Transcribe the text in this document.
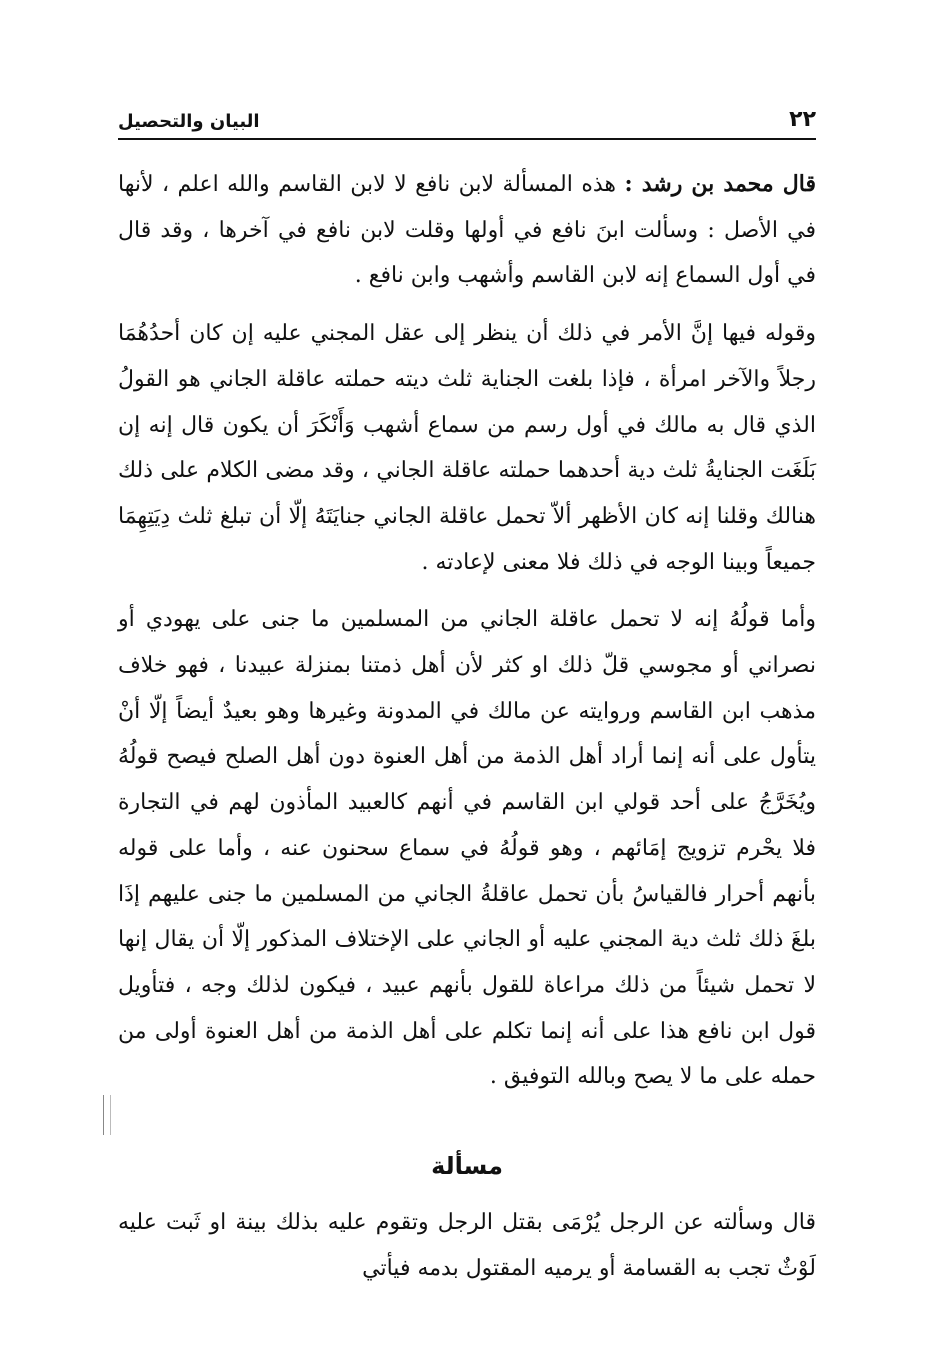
٢٢
البيان والتحصيل

قال محمد بن رشد : هذه المسألة لابن نافع لا لابن القاسم والله اعلم ، لأنها في الأصل : وسألت ابنَ نافع في أولها وقلت لابن نافع في آخرها ، وقد قال في أول السماع إنه لابن القاسم وأشهب وابن نافع .

وقوله فيها إنَّ الأمر في ذلك أن ينظر إلى عقل المجني عليه إن كان أحدُهُمَا رجلاً والآخر امرأة ، فإذا بلغت الجناية ثلث ديته حملته عاقلة الجاني هو القولُ الذي قال به مالك في أول رسم من سماع أشهب وَأَنْكَرَ أن يكون قال إنه إن بَلَغَت الجنايةُ ثلث دية أحدهما حملته عاقلة الجاني ، وقد مضى الكلام على ذلك هنالك وقلنا إنه كان الأظهر ألاّ تحمل عاقلة الجاني جنايَتَهُ إلّا أن تبلغ ثلث دِيَتِهِمَا جميعاً وبينا الوجه في ذلك فلا معنى لإعادته .

وأما قولُهُ إنه لا تحمل عاقلة الجاني من المسلمين ما جنى على يهودي أو نصراني أو مجوسي قلّ ذلك او كثر لأن أهل ذمتنا بمنزلة عبيدنا ، فهو خلاف مذهب ابن القاسم وروايته عن مالك في المدونة وغيرها وهو بعيدٌ أيضاً إلّا أنْ يتأول على أنه إنما أراد أهل الذمة من أهل العنوة دون أهل الصلح فيصح قولُهُ ويُخَرَّجُ على أحد قولي ابن القاسم في أنهم كالعبيد المأذون لهم في التجارة فلا يحْرم تزويج إمَائهم ، وهو قولُهُ في سماع سحنون عنه ، وأما على قوله بأنهم أحرار فالقياسُ بأن تحمل عاقلةُ الجاني من المسلمين ما جنى عليهم إذَا بلغَ ذلك ثلث دية المجني عليه أو الجاني على الإختلاف المذكور إلّا أن يقال إنها لا تحمل شيئاً من ذلك مراعاة للقول بأنهم عبيد ، فيكون لذلك وجه ، فتأويل قول ابن نافع هذا على أنه إنما تكلم على أهل الذمة من أهل العنوة أولى من حمله على ما لا يصح وبالله التوفيق .

مسألة

قال وسألته عن الرجل يُرْمَى بقتل الرجل وتقوم عليه بذلك بينة او ثَبت عليه لَوْثٌ تجب به القسامة أو يرميه المقتول بدمه فيأتي
